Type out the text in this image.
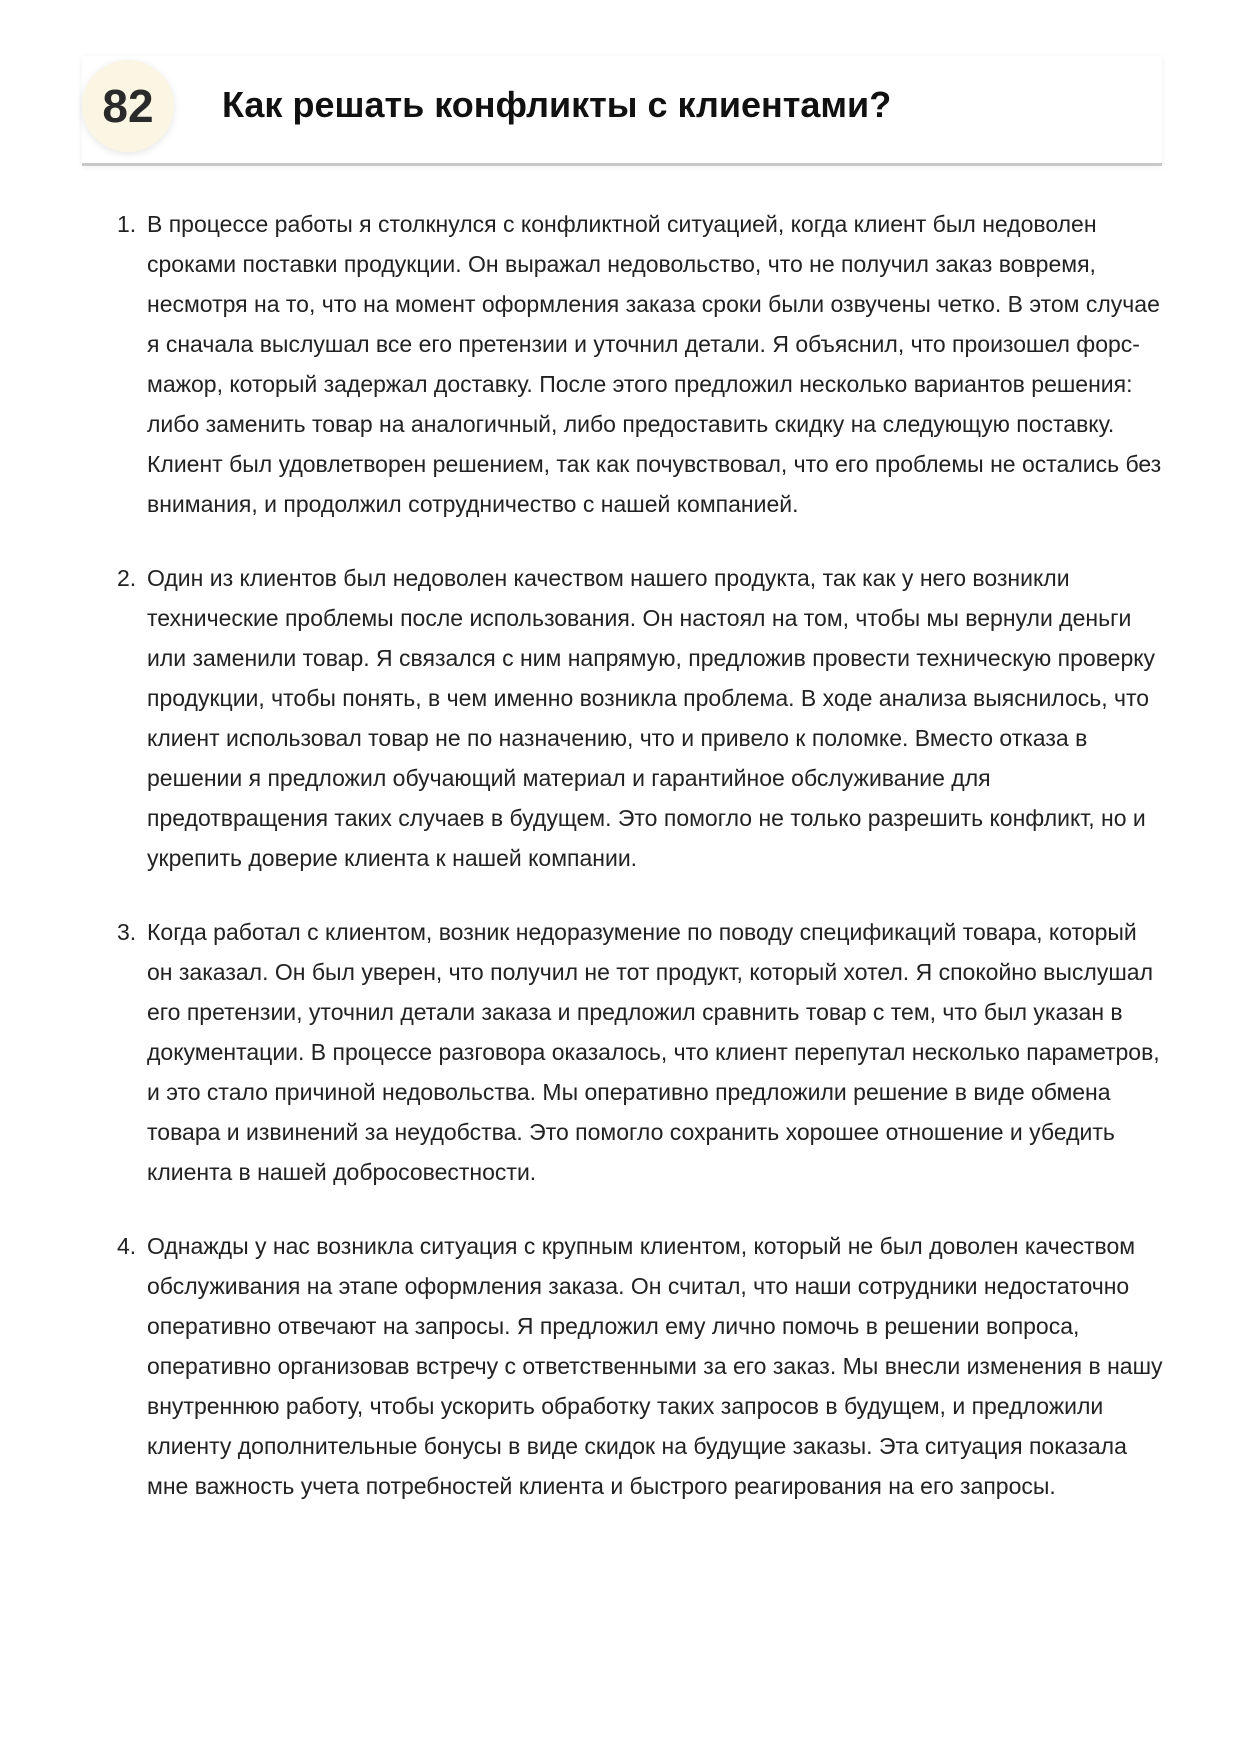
82	Как решать конфликты с клиентами?
1. В процессе работы я столкнулся с конфликтной ситуацией, когда клиент был недоволен сроками поставки продукции. Он выражал недовольство, что не получил заказ вовремя, несмотря на то, что на момент оформления заказа сроки были озвучены четко. В этом случае я сначала выслушал все его претензии и уточнил детали. Я объяснил, что произошел форс-мажор, который задержал доставку. После этого предложил несколько вариантов решения: либо заменить товар на аналогичный, либо предоставить скидку на следующую поставку. Клиент был удовлетворен решением, так как почувствовал, что его проблемы не остались без внимания, и продолжил сотрудничество с нашей компанией.
2. Один из клиентов был недоволен качеством нашего продукта, так как у него возникли технические проблемы после использования. Он настоял на том, чтобы мы вернули деньги или заменили товар. Я связался с ним напрямую, предложив провести техническую проверку продукции, чтобы понять, в чем именно возникла проблема. В ходе анализа выяснилось, что клиент использовал товар не по назначению, что и привело к поломке. Вместо отказа в решении я предложил обучающий материал и гарантийное обслуживание для предотвращения таких случаев в будущем. Это помогло не только разрешить конфликт, но и укрепить доверие клиента к нашей компании.
3. Когда работал с клиентом, возник недоразумение по поводу спецификаций товара, который он заказал. Он был уверен, что получил не тот продукт, который хотел. Я спокойно выслушал его претензии, уточнил детали заказа и предложил сравнить товар с тем, что был указан в документации. В процессе разговора оказалось, что клиент перепутал несколько параметров, и это стало причиной недовольства. Мы оперативно предложили решение в виде обмена товара и извинений за неудобства. Это помогло сохранить хорошее отношение и убедить клиента в нашей добросовестности.
4. Однажды у нас возникла ситуация с крупным клиентом, который не был доволен качеством обслуживания на этапе оформления заказа. Он считал, что наши сотрудники недостаточно оперативно отвечают на запросы. Я предложил ему лично помочь в решении вопроса, оперативно организовав встречу с ответственными за его заказ. Мы внесли изменения в нашу внутреннюю работу, чтобы ускорить обработку таких запросов в будущем, и предложили клиенту дополнительные бонусы в виде скидок на будущие заказы. Эта ситуация показала мне важность учета потребностей клиента и быстрого реагирования на его запросы.
